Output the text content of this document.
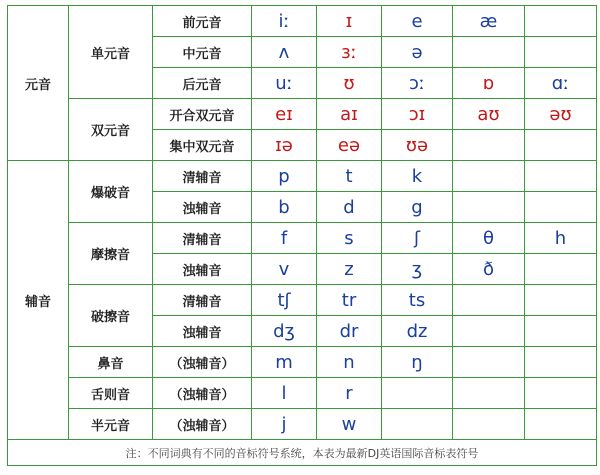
元音	单元音	前元音	iː	ɪ	e	æ	
		中元音	ʌ	ɜː	ə		
		后元音	uː	ʊ	ɔː	ɒ	ɑː
	双元音	开合双元音	eɪ	aɪ	ɔɪ	aʊ	əʊ
		集中双元音	ɪə	eə	ʊə		
辅音	爆破音	清辅音	p	t	k		
		浊辅音	b	d	g		
	摩擦音	清辅音	f	s	ʃ	θ	h
		浊辅音	v	z	ʒ	ð	
	破擦音	清辅音	tʃ	tr	ts		
		浊辅音	dʒ	dr	dz		
	鼻音	（浊辅音）	m	n	ŋ		
	舌则音	（浊辅音）	l	r			
	半元音	（浊辅音）	j	w			
注：不同词典有不同的音标符号系统，本表为最新DJ英语国际音标表符号							
